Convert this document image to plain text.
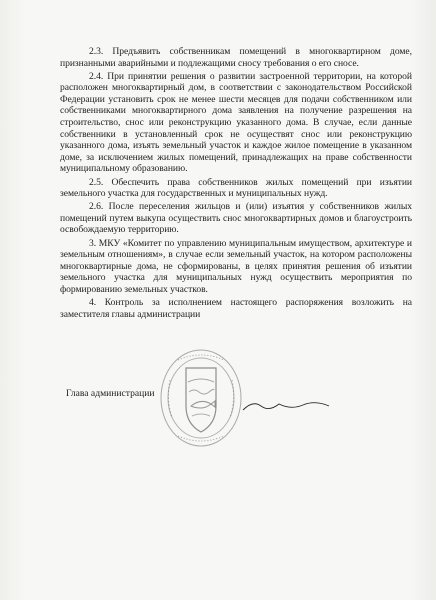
2.3. Предъявить собственникам помещений в многоквартирном доме, признанными аварийными и подлежащими сносу требования о его сносе.

2.4. При принятии решения о развитии застроенной территории, на которой расположен многоквартирный дом, в соответствии с законодательством Российской Федерации установить срок не менее шести месяцев для подачи собственником или собственниками многоквартирного дома заявления на получение разрешения на строительство, снос или реконструкцию указанного дома. В случае, если данные собственники в установленный срок не осуществят снос или реконструкцию указанного дома, изъять земельный участок и каждое жилое помещение в указанном доме, за исключением жилых помещений, принадлежащих на праве собственности муниципальному образованию.

2.5. Обеспечить права собственников жилых помещений при изъятии земельного участка для государственных и муниципальных нужд.

2.6. После переселения жильцов и (или) изъятия у собственников жилых помещений путем выкупа осуществить снос многоквартирных домов и благоустроить освобождаемую территорию.

3. МКУ «Комитет по управлению муниципальным имуществом, архитектуре и земельным отношениям», в случае если земельный участок, на котором расположены многоквартирные дома, не сформированы, в целях принятия решения об изъятии земельного участка для муниципальных нужд осуществить мероприятия по формированию земельных участков.

4. Контроль за исполнением настоящего распоряжения возложить на заместителя главы администрации

Глава администрации
